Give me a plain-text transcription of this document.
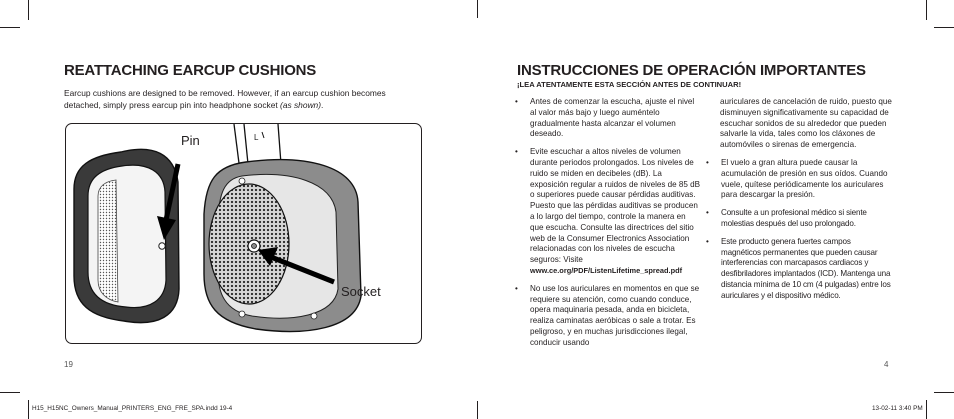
REATTACHING EARCUP CUSHIONS
Earcup cushions are designed to be removed. However, if an earcup cushion becomes
detached, simply press earcup pin into headphone socket (as shown).
L
Pin
Socket
19
INSTRUCCIONES DE OPERACIÓN IMPORTANTES
¡LEA ATENTAMENTE ESTA SECCIÓN ANTES DE CONTINUAR!
• Antes de comenzar la escucha, ajuste el nivel al valor más bajo y luego auméntelo gradualmente hasta alcanzar el volumen deseado.
• Evite escuchar a altos niveles de volumen durante periodos prolongados. Los niveles de ruido se miden en decibeles (dB). La exposición regular a ruidos de niveles de 85 dB o superiores puede causar pérdidas auditivas. Puesto que las pérdidas auditivas se producen a lo largo del tiempo, controle la manera en que escucha. Consulte las directrices del sitio web de la Consumer Electronics Association relacionadas con los niveles de escucha seguros: Visite
www.ce.org/PDF/ListenLifetime_spread.pdf
• No use los auriculares en momentos en que se requiere su atención, como cuando conduce, opera maquinaria pesada, anda en bicicleta, realiza caminatas aeróbicas o sale a trotar. Es peligroso, y en muchas jurisdicciones ilegal, conducir usando
auriculares de cancelación de ruido, puesto que disminuyen significativamente su capacidad de escuchar sonidos de su alrededor que pueden salvarle la vida, tales como los cláxones de automóviles o sirenas de emergencia.
• El vuelo a gran altura puede causar la acumulación de presión en sus oídos. Cuando vuele, quítese periódicamente los auriculares para descargar la presión.
• Consulte a un profesional médico si siente molestias después del uso prolongado.
• Este producto genera fuertes campos magnéticos permanentes que pueden causar interferencias con marcapasos cardiacos y desfibriladores implantados (ICD). Mantenga una distancia mínima de 10 cm (4 pulgadas) entre los auriculares y el dispositivo médico.
4
H15_H15NC_Owners_Manual_PRINTERS_ENG_FRE_SPA.indd 19-4	13-02-11 3:40 PM
